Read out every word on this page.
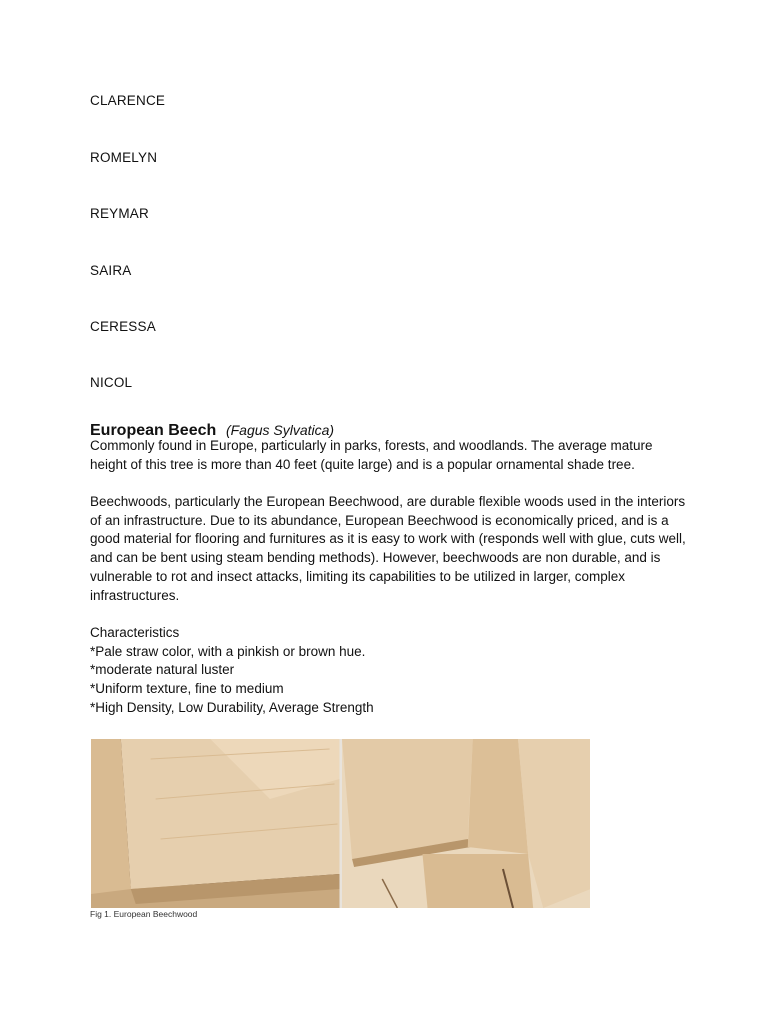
CLARENCE

ROMELYN

REYMAR

SAIRA

CERESSA

NICOL

European Beech (Fagus Sylvatica)

Commonly found in Europe, particularly in parks, forests, and woodlands. The average mature height of this tree is more than 40 feet (quite large) and is a popular ornamental shade tree.

Beechwoods, particularly the European Beechwood, are durable flexible woods used in the interiors of an infrastructure. Due to its abundance, European Beechwood is economically priced, and is a good material for flooring and furnitures as it is easy to work with (responds well with glue, cuts well, and can be bent using steam bending methods). However, beechwoods are non durable, and is vulnerable to rot and insect attacks, limiting its capabilities to be utilized in larger, complex infrastructures.

Characteristics
*Pale straw color, with a pinkish or brown hue.
*moderate natural luster
*Uniform texture, fine to medium
*High Density, Low Durability, Average Strength

Fig 1. European Beechwood
